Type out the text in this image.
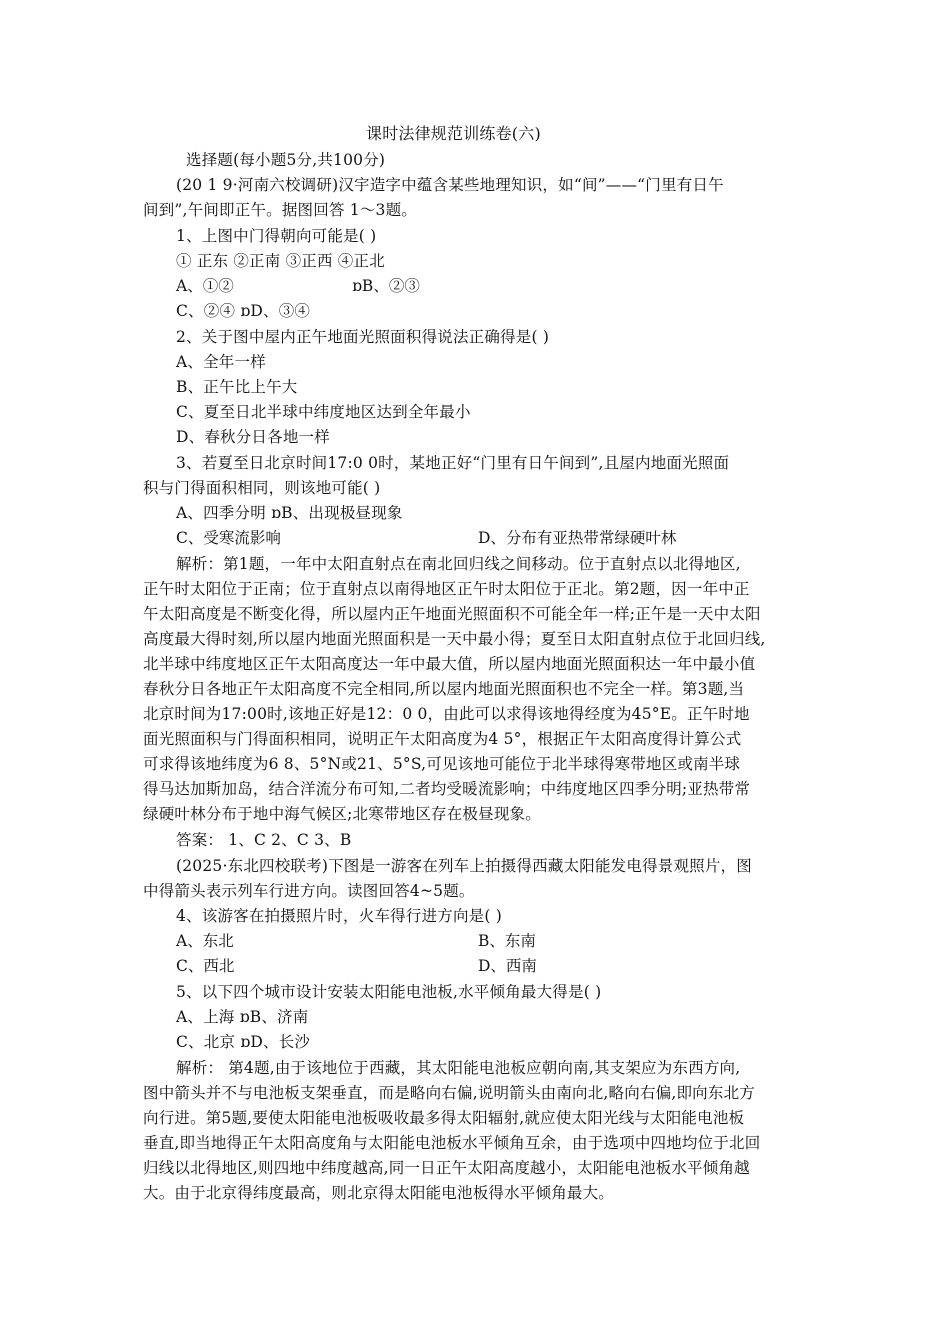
课时法律规范训练卷(六)
选择题(每小题5分,共100分)
(20 1 9·河南六校调研)汉宇造字中蕴含某些地理知识，如“间”——“门里有日午
间到”,午间即正午。据图回答 1～3题。
1、上图中门得朝向可能是( )
① 正东 ②正南 ③正西 ④正北
A、①②	ɒB、②③
C、②④ ɒD、③④
2、关于图中屋内正午地面光照面积得说法正确得是( )
A、全年一样
B、正午比上午大
C、夏至日北半球中纬度地区达到全年最小
D、春秋分日各地一样
3、若夏至日北京时间17:0 0时，某地正好“门里有日午间到”,且屋内地面光照面
积与门得面积相同，则该地可能( )
A、四季分明 ɒB、出现极昼现象
C、受寒流影响	D、分布有亚热带常绿硬叶林
解析：第1题，一年中太阳直射点在南北回归线之间移动。位于直射点以北得地区,
正午时太阳位于正南；位于直射点以南得地区正午时太阳位于正北。第2题，因一年中正
午太阳高度是不断变化得，所以屋内正午地面光照面积不可能全年一样;正午是一天中太阳
高度最大得时刻,所以屋内地面光照面积是一天中最小得；夏至日太阳直射点位于北回归线,
北半球中纬度地区正午太阳高度达一年中最大值，所以屋内地面光照面积达一年中最小值
春秋分日各地正午太阳高度不完全相同,所以屋内地面光照面积也不完全一样。第3题,当
北京时间为17:00时,该地正好是12：0 0，由此可以求得该地得经度为45°E。正午时地
面光照面积与门得面积相同，说明正午太阳高度为4 5°，根据正午太阳高度得计算公式
可求得该地纬度为6 8、5°N或21、5°S,可见该地可能位于北半球得寒带地区或南半球
得马达加斯加岛，结合洋流分布可知,二者均受暖流影响；中纬度地区四季分明;亚热带常
绿硬叶林分布于地中海气候区;北寒带地区存在极昼现象。
答案： 1、C 2、C 3、B
(2025·东北四校联考)下图是一游客在列车上拍摄得西藏太阳能发电得景观照片，图
中得箭头表示列车行进方向。读图回答4~5题。
4、该游客在拍摄照片时，火车得行进方向是( )
A、东北	B、东南
C、西北	D、西南
5、以下四个城市设计安装太阳能电池板,水平倾角最大得是( )
A、上海 ɒB、济南
C、北京 ɒD、长沙
解析： 第4题,由于该地位于西藏，其太阳能电池板应朝向南,其支架应为东西方向,
图中箭头并不与电池板支架垂直，而是略向右偏,说明箭头由南向北,略向右偏,即向东北方
向行进。第5题,要使太阳能电池板吸收最多得太阳辐射,就应使太阳光线与太阳能电池板
垂直,即当地得正午太阳高度角与太阳能电池板水平倾角互余，由于选项中四地均位于北回
归线以北得地区,则四地中纬度越高,同一日正午太阳高度越小，太阳能电池板水平倾角越
大。由于北京得纬度最高，则北京得太阳能电池板得水平倾角最大。
